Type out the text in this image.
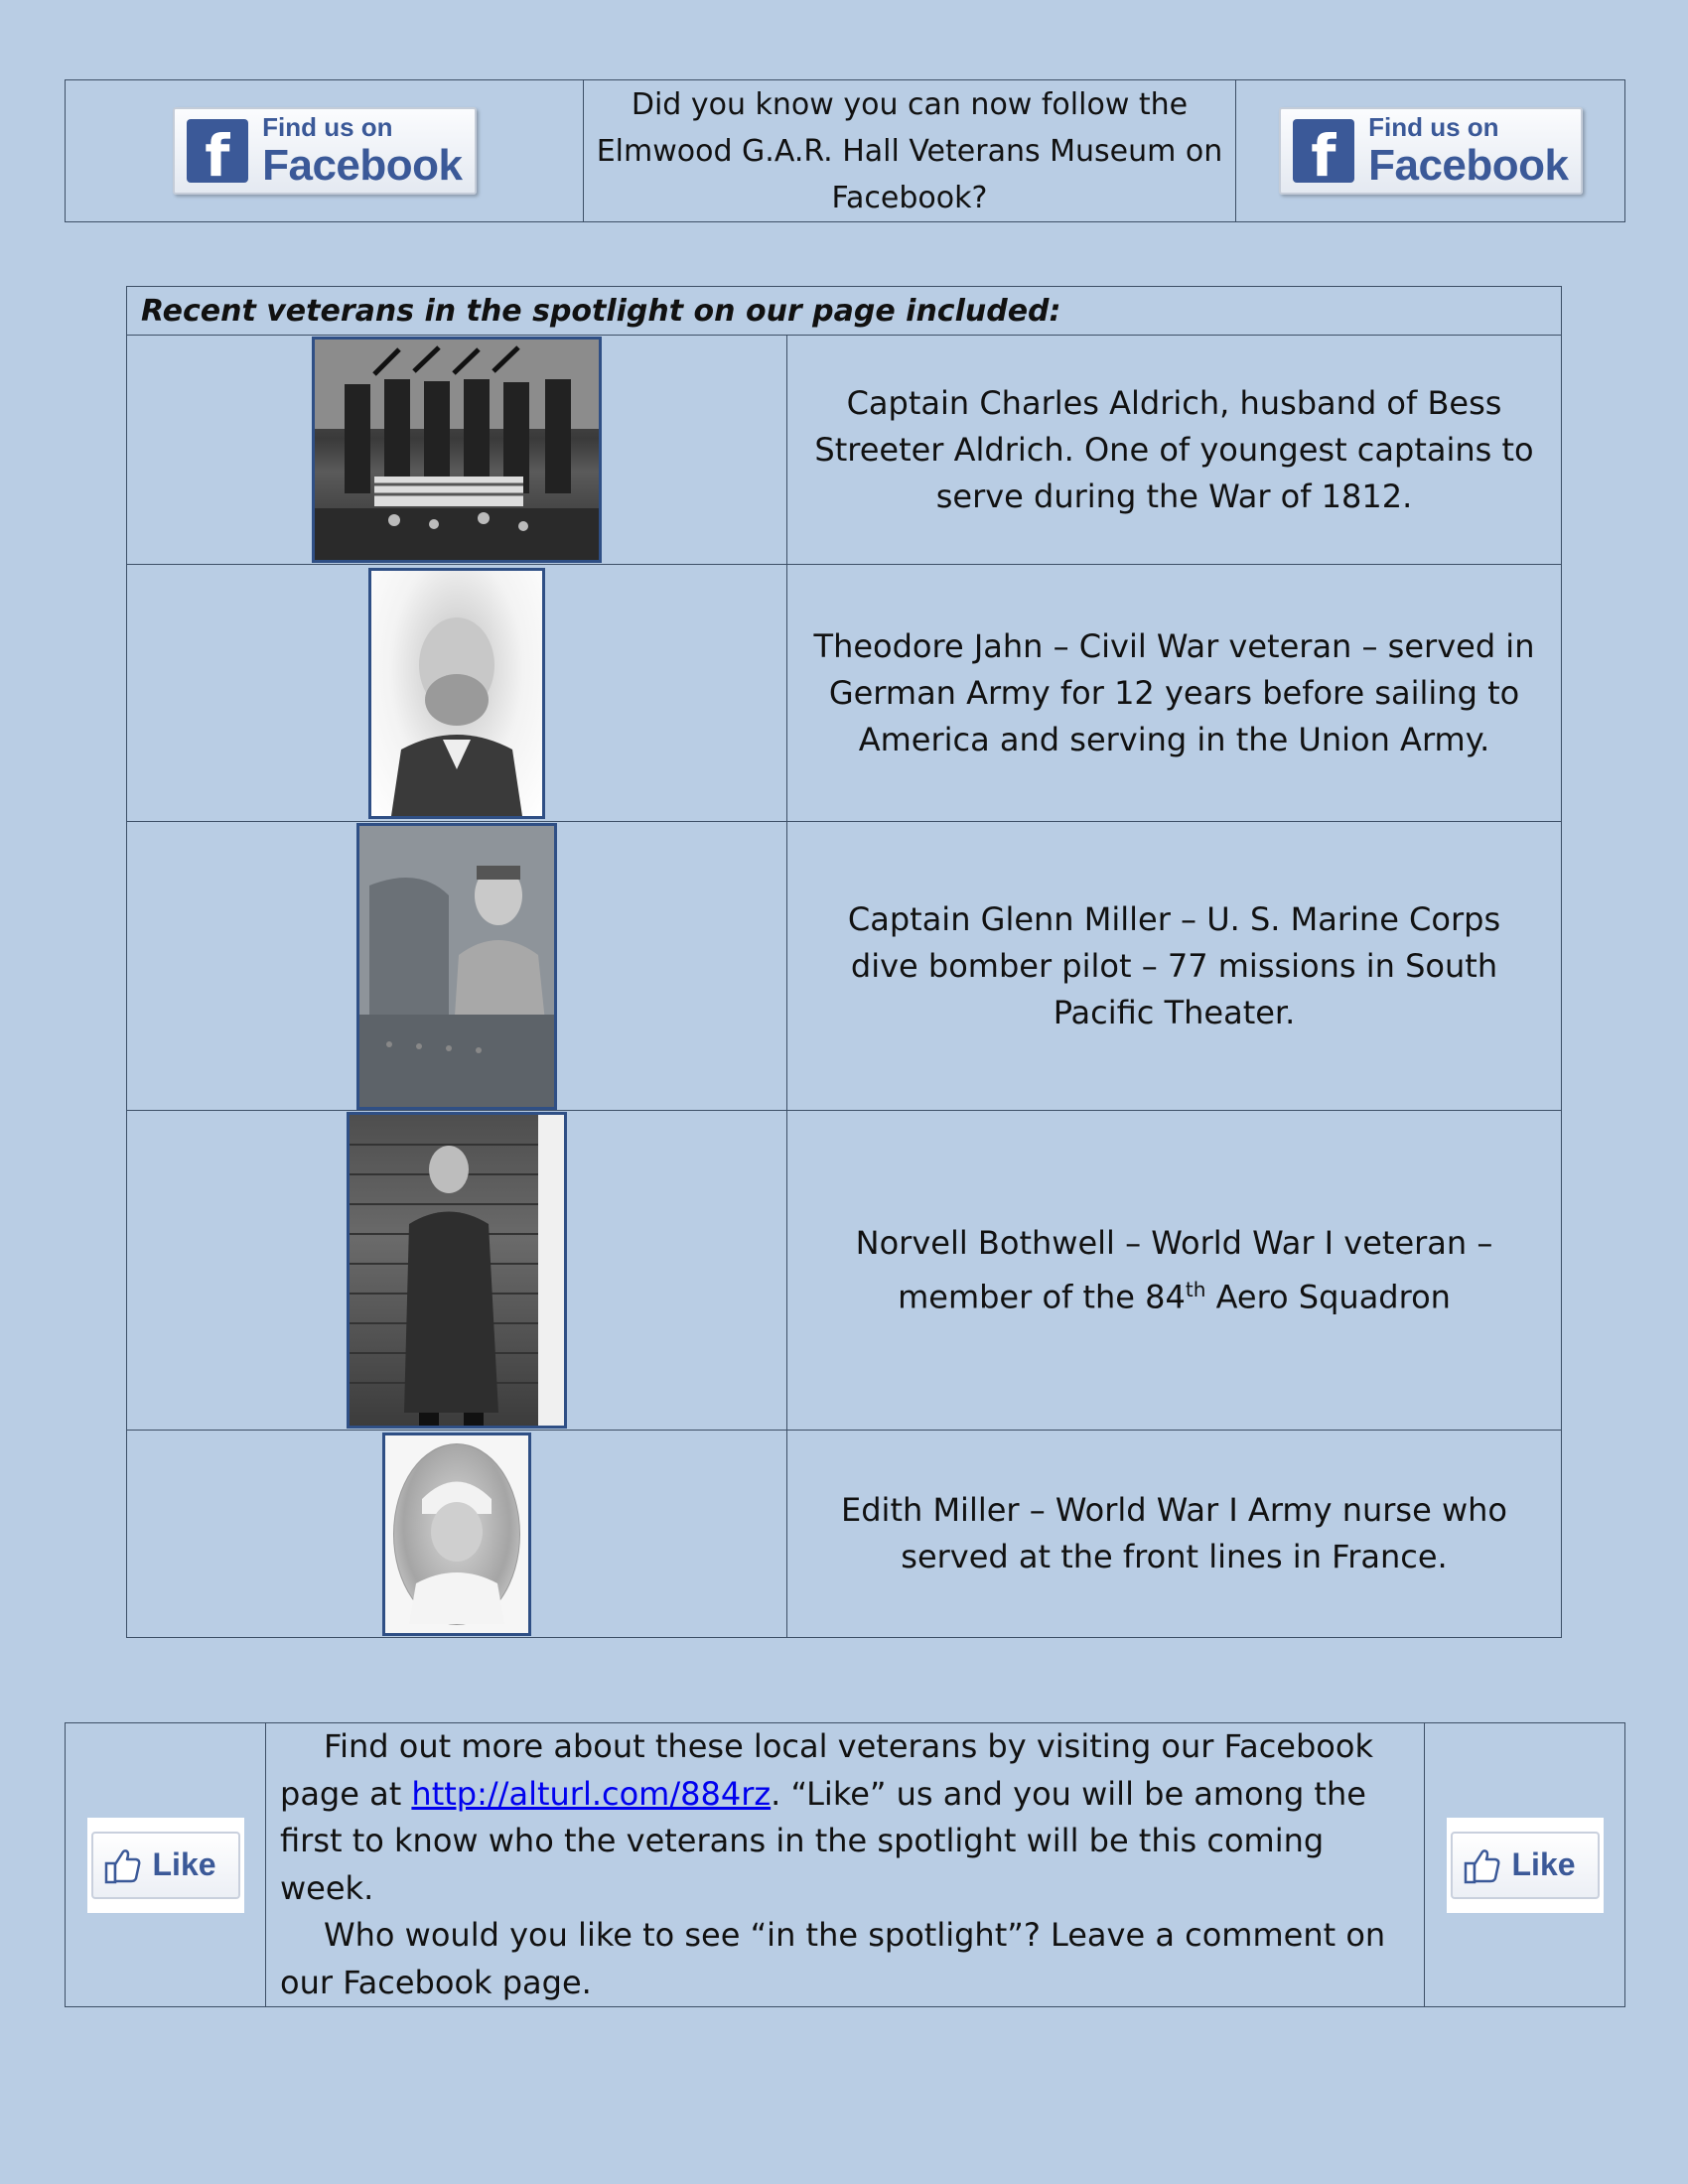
f	Find us on
Facebook
	Did you know you can now follow the Elmwood G.A.R. Hall Veterans Museum on Facebook?	
f	Find us on
Facebook
Recent veterans in the spotlight on our page included:	
	Captain Charles Aldrich, husband of Bess Streeter Aldrich. One of youngest captains to serve during the War of 1812.
	Theodore Jahn – Civil War veteran – served in German Army for 12 years before sailing to America and serving in the Union Army.
	Captain Glenn Miller – U. S. Marine Corps dive bomber pilot – 77 missions in South Pacific Theater.
	Norvell Bothwell – World War I veteran – member of the 84th Aero Squadron

	Edith Miller – World War I Army nurse who served at the front lines in France.
Like

Find out more about these local veterans by visiting our Facebook page at http://alturl.com/884rz. “Like” us and you will be among the first to know who the veterans in the spotlight will be this coming week.

Who would you like to see “in the spotlight”? Leave a comment on our Facebook page.

Like
